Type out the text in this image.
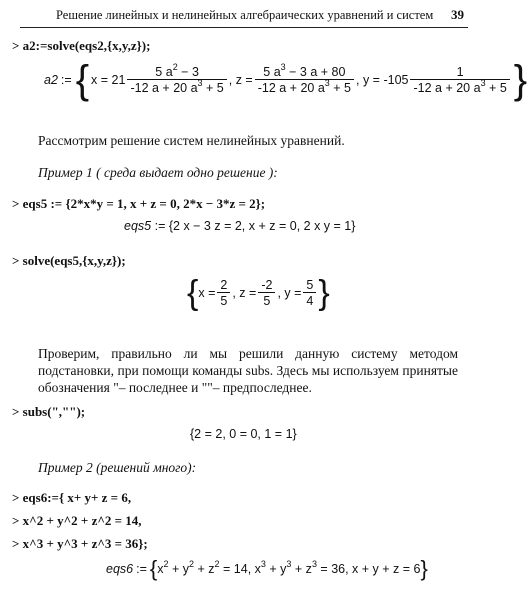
Решение линейных и нелинейных алгебраических уравнений и систем 39
> a2:=solve(eqs2,{x,y,z});
a2 := { $x = 21 \frac{5 a^2 - 3}{-12 a + 20 a^3 + 5}$ , $z = \frac{5 a^3 - 3 a + 80}{-12 a + 20 a^3 + 5}$ , $y = -105 \frac{1}{-12 a + 20 a^3 + 5}$ }
Рассмотрим решение систем нелинейных уравнений.
Пример 1 ( среда выдает одно решение ):
> eqs5 := {2*x*y = 1, x + z = 0, 2*x − 3*z = 2};
eqs5 := {2 x − 3 z = 2, x + z = 0, 2 x y = 1}
> solve(eqs5,{x,y,z});
{ $x = \frac{2}{5}$ , $z = \frac{-2}{5}$ , $y = \frac{5}{4}$ }
Проверим, правильно ли мы решили данную систему методом подстановки, при помощи команды subs. Здесь мы используем принятые обозначения "– последнее и ""– предпоследнее.
> subs(","");
{2 = 2, 0 = 0, 1 = 1}
Пример 2 (решений много):
> eqs6:={ x+ y+ z = 6,
> x^2 + y^2 + z^2 = 14,
> x^3 + y^3 + z^3 = 36};
eqs6 := { $x^2 + y^2 + z^2 = 14$, $x^3 + y^3 + z^3 = 36$, x + y + z = 6 }
